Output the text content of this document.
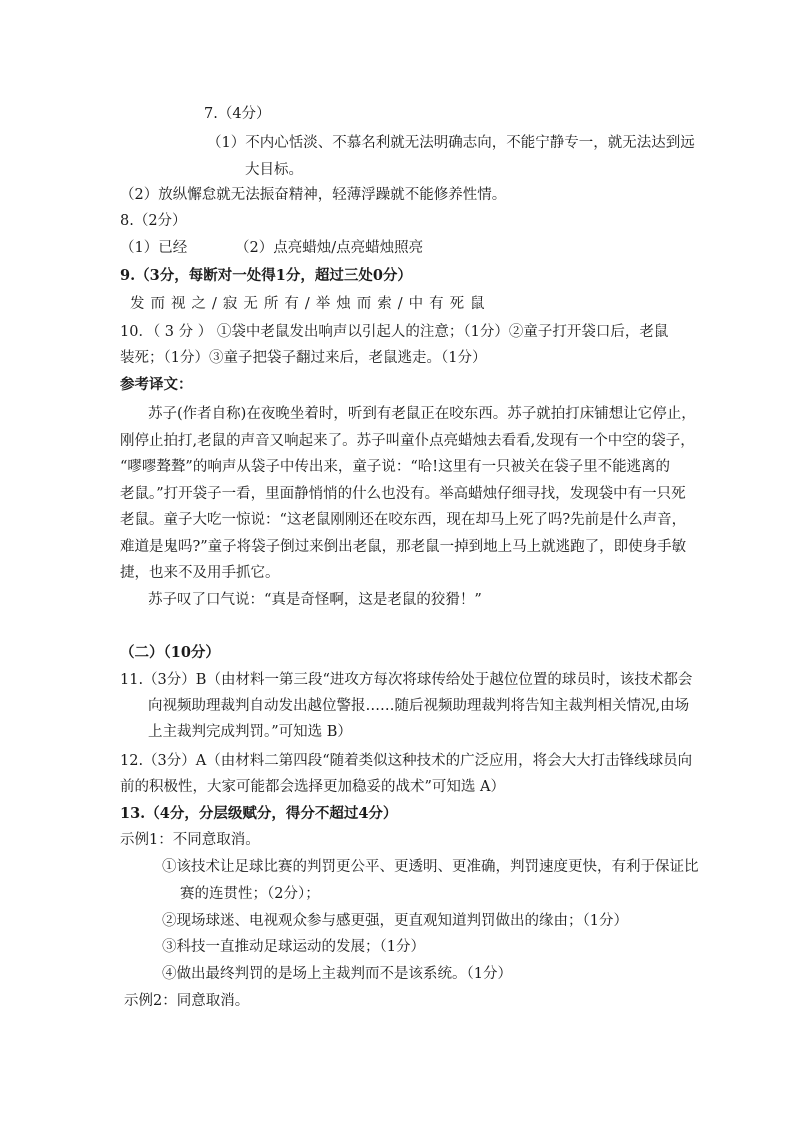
7.（4分）
（1）不内心恬淡、不慕名利就无法明确志向，不能宁静专一，就无法达到远
大目标。
（2）放纵懈怠就无法振奋精神，轻薄浮躁就不能修养性情。
8.（2分）
（1）已经	（2）点亮蜡烛/点亮蜡烛照亮
9.（3分，每断对一处得1分，超过三处0分）
发而视之/寂无所有/举烛而索/中有死鼠
10．（ 3 分 ） ①袋中老鼠发出响声以引起人的注意；（1分）②童子打开袋口后，老鼠
装死；（1分）③童子把袋子翻过来后，老鼠逃走。（1分）
参考译文：
苏子(作者自称)在夜晚坐着时，听到有老鼠正在咬东西。苏子就拍打床铺想让它停止，
刚停止拍打,老鼠的声音又响起来了。苏子叫童仆点亮蜡烛去看看,发现有一个中空的袋子，
“嘐嘐聱聱”的响声从袋子中传出来，童子说：“哈!这里有一只被关在袋子里不能逃离的
老鼠。”打开袋子一看，里面静悄悄的什么也没有。举高蜡烛仔细寻找，发现袋中有一只死
老鼠。童子大吃一惊说：“这老鼠刚刚还在咬东西，现在却马上死了吗?先前是什么声音，
难道是鬼吗?”童子将袋子倒过来倒出老鼠，那老鼠一掉到地上马上就逃跑了，即使身手敏
捷，也来不及用手抓它。
苏子叹了口气说：“真是奇怪啊，这是老鼠的狡猾！”
（二）（10分）
11.（3分）B（由材料一第三段“进攻方每次将球传给处于越位位置的球员时，该技术都会
向视频助理裁判自动发出越位警报……随后视频助理裁判将告知主裁判相关情况,由场
上主裁判完成判罚。”可知选 B）
12.（3分）A（由材料二第四段“随着类似这种技术的广泛应用，将会大大打击锋线球员向
前的积极性，大家可能都会选择更加稳妥的战术”可知选 A）
13.（4分，分层级赋分，得分不超过4分）
示例1：不同意取消。
①该技术让足球比赛的判罚更公平、更透明、更准确，判罚速度更快，有利于保证比
赛的连贯性；（2分）；
②现场球迷、电视观众参与感更强，更直观知道判罚做出的缘由；（1分）
③科技一直推动足球运动的发展；（1分）
④做出最终判罚的是场上主裁判而不是该系统。（1分）
示例2：同意取消。
